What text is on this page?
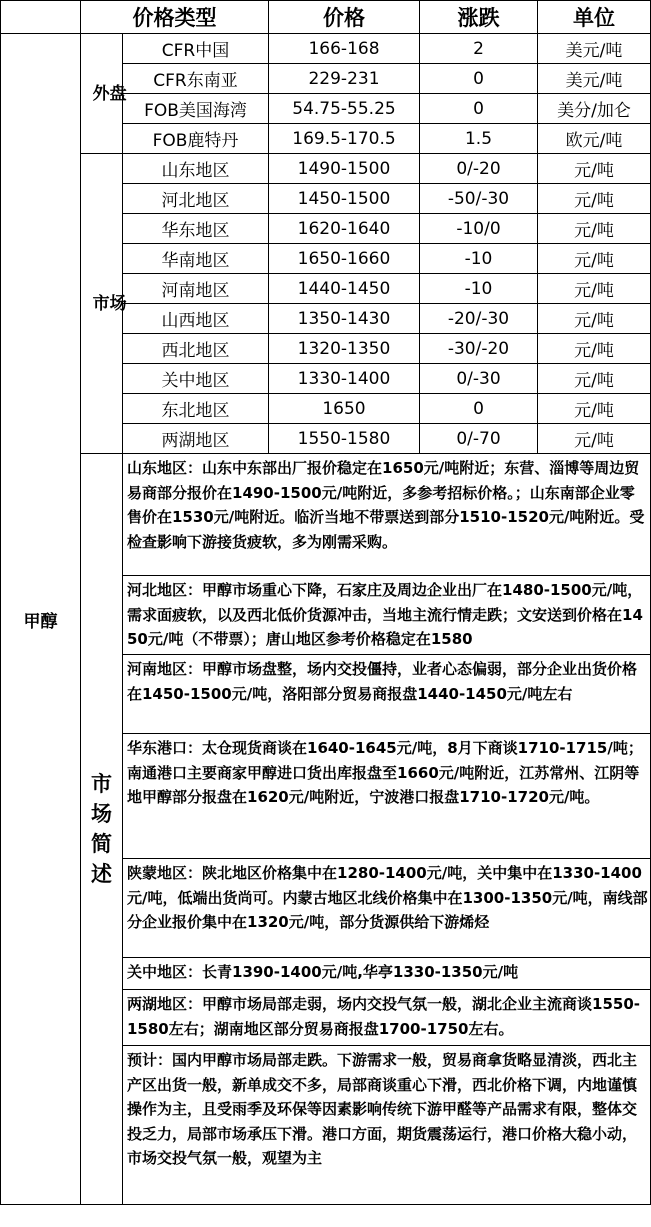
	价格类型		价格	涨跌	单位
甲醇	外盘	CFR中国	166-168	2	美元/吨
		CFR东南亚	229-231	0	美元/吨
		FOB美国海湾	54.75-55.25	0	美分/加仑
		FOB鹿特丹	169.5-170.5	1.5	欧元/吨
	市场	山东地区	1490-1500	0/-20	元/吨
		河北地区	1450-1500	-50/-30	元/吨
		华东地区	1620-1640	-10/0	元/吨
		华南地区	1650-1660	-10	元/吨
		河南地区	1440-1450	-10	元/吨
		山西地区	1350-1430	-20/-30	元/吨
		西北地区	1320-1350	-30/-20	元/吨
		关中地区	1330-1400	0/-30	元/吨
		东北地区	1650	0	元/吨
		两湖地区	1550-1580	0/-70	元/吨
	市场简述	山东地区：山东中东部出厂报价稳定在1650元/吨附近；东营、淄博等周边贸易商部分报价在1490-1500元/吨附近，多参考招标价格。；山东南部企业零售价在1530元/吨附近。临沂当地不带票送到部分1510-1520元/吨附近。受检查影响下游接货疲软，多为刚需采购。			
		河北地区：甲醇市场重心下降，石家庄及周边企业出厂在1480-1500元/吨，需求面疲软，以及西北低价货源冲击，当地主流行情走跌；文安送到价格在1450元/吨（不带票）；唐山地区参考价格稳定在1580			
		河南地区：甲醇市场盘整，场内交投僵持，业者心态偏弱，部分企业出货价格在1450-1500元/吨，洛阳部分贸易商报盘1440-1450元/吨左右			
		华东港口：太仓现货商谈在1640-1645元/吨，8月下商谈1710-1715/吨；南通港口主要商家甲醇进口货出库报盘至1660元/吨附近，江苏常州、江阴等地甲醇部分报盘在1620元/吨附近，宁波港口报盘1710-1720元/吨。			
		陕蒙地区：陕北地区价格集中在1280-1400元/吨，关中集中在1330-1400元/吨，低端出货尚可。内蒙古地区北线价格集中在1300-1350元/吨，南线部分企业报价集中在1320元/吨，部分货源供给下游烯烃			
		关中地区：长青1390-1400元/吨,华亭1330-1350元/吨			
		两湖地区：甲醇市场局部走弱，场内交投气氛一般，湖北企业主流商谈1550-1580左右；湖南地区部分贸易商报盘1700-1750左右。			
		预计：国内甲醇市场局部走跌。下游需求一般，贸易商拿货略显清淡，西北主产区出货一般，新单成交不多，局部商谈重心下滑，西北价格下调，内地谨慎操作为主，且受雨季及环保等因素影响传统下游甲醛等产品需求有限，整体交投乏力，局部市场承压下滑。港口方面，期货震荡运行，港口价格大稳小动，市场交投气氛一般，观望为主			
